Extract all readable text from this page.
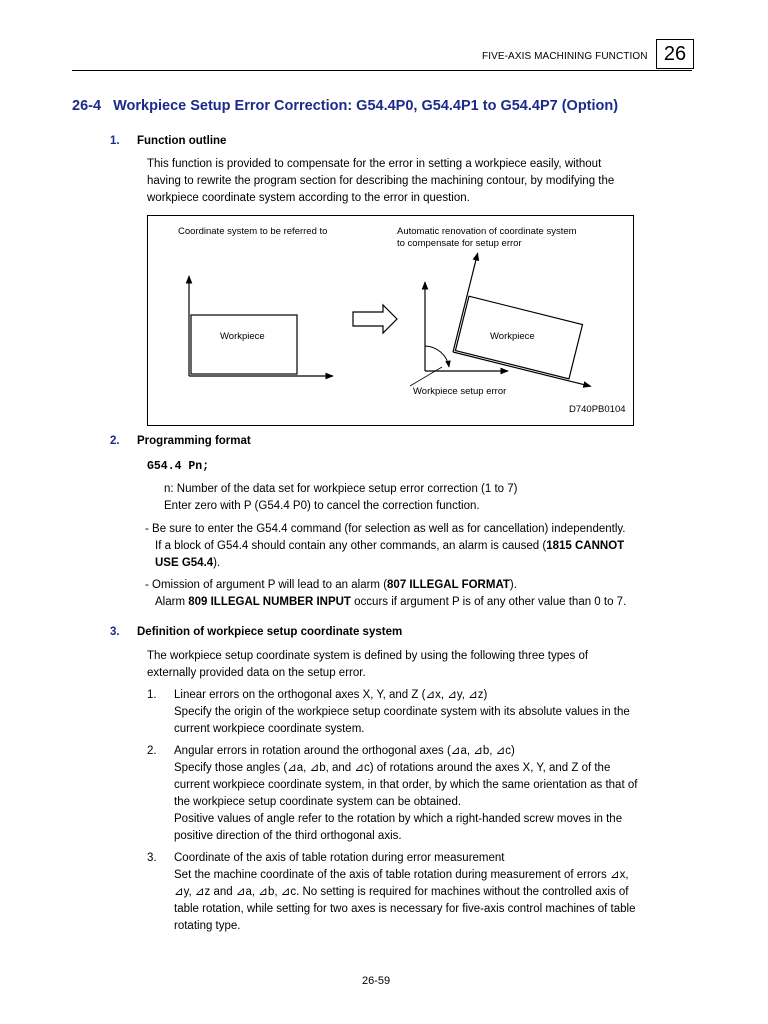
FIVE-AXIS MACHINING FUNCTION 26
26-4 Workpiece Setup Error Correction: G54.4P0, G54.4P1 to G54.4P7 (Option)
1. Function outline
This function is provided to compensate for the error in setting a workpiece easily, without
having to rewrite the program section for describing the machining contour, by modifying the
workpiece coordinate system according to the error in question.
Coordinate system to be referred to	Automatic renovation of coordinate system
to compensate for setup error
Workpiece	Workpiece
Workpiece setup error
D740PB0104
2. Programming format
G54.4 Pn;
n: Number of the data set for workpiece setup error correction (1 to 7)
Enter zero with P (G54.4 P0) to cancel the correction function.
- Be sure to enter the G54.4 command (for selection as well as for cancellation) independently.
If a block of G54.4 should contain any other commands, an alarm is caused (1815 CANNOT
USE G54.4).
- Omission of argument P will lead to an alarm (807 ILLEGAL FORMAT).
Alarm 809 ILLEGAL NUMBER INPUT occurs if argument P is of any other value than 0 to 7.
3. Definition of workpiece setup coordinate system
The workpiece setup coordinate system is defined by using the following three types of
externally provided data on the setup error.
1. Linear errors on the orthogonal axes X, Y, and Z (⊿x, ⊿y, ⊿z)
Specify the origin of the workpiece setup coordinate system with its absolute values in the
current workpiece coordinate system.
2. Angular errors in rotation around the orthogonal axes (⊿a, ⊿b, ⊿c)
Specify those angles (⊿a, ⊿b, and ⊿c) of rotations around the axes X, Y, and Z of the
current workpiece coordinate system, in that order, by which the same orientation as that of
the workpiece setup coordinate system can be obtained.
Positive values of angle refer to the rotation by which a right-handed screw moves in the
positive direction of the third orthogonal axis.
3. Coordinate of the axis of table rotation during error measurement
Set the machine coordinate of the axis of table rotation during measurement of errors ⊿x,
⊿y, ⊿z and ⊿a, ⊿b, ⊿c. No setting is required for machines without the controlled axis of
table rotation, while setting for two axes is necessary for five-axis control machines of table
rotating type.
26-59
